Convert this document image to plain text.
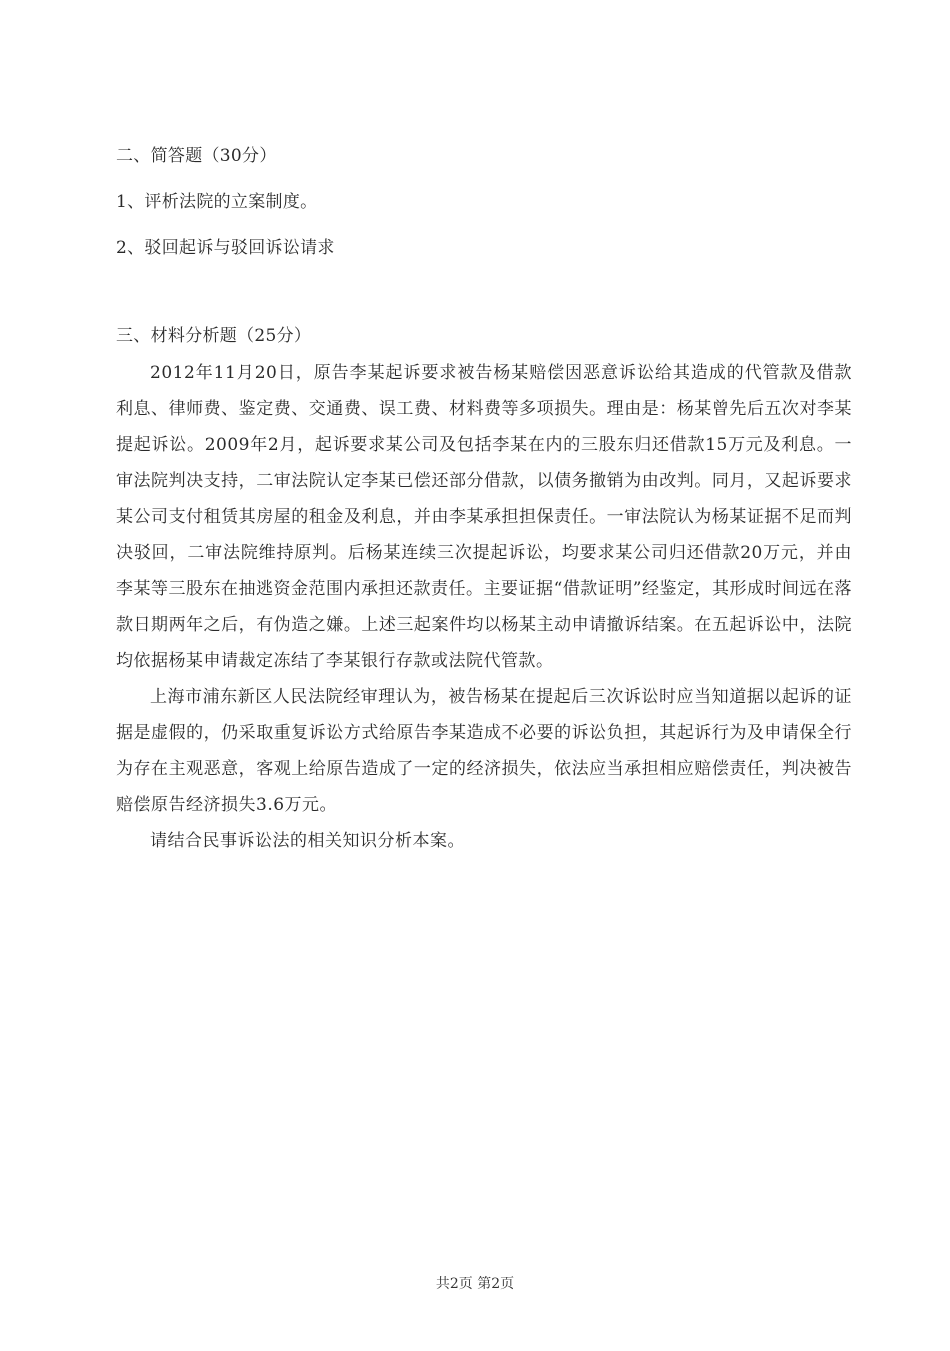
二、简答题（30分）
1、评析法院的立案制度。
2、驳回起诉与驳回诉讼请求
三、材料分析题（25分）

2012年11月20日，原告李某起诉要求被告杨某赔偿因恶意诉讼给其造成的代管款及借款利息、律师费、鉴定费、交通费、误工费、材料费等多项损失。理由是：杨某曾先后五次对李某提起诉讼。2009年2月，起诉要求某公司及包括李某在内的三股东归还借款15万元及利息。一审法院判决支持，二审法院认定李某已偿还部分借款，以债务撤销为由改判。同月，又起诉要求某公司支付租赁其房屋的租金及利息，并由李某承担担保责任。一审法院认为杨某证据不足而判决驳回，二审法院维持原判。后杨某连续三次提起诉讼，均要求某公司归还借款20万元，并由李某等三股东在抽逃资金范围内承担还款责任。主要证据“借款证明”经鉴定，其形成时间远在落款日期两年之后，有伪造之嫌。上述三起案件均以杨某主动申请撤诉结案。在五起诉讼中，法院均依据杨某申请裁定冻结了李某银行存款或法院代管款。

上海市浦东新区人民法院经审理认为，被告杨某在提起后三次诉讼时应当知道据以起诉的证据是虚假的，仍采取重复诉讼方式给原告李某造成不必要的诉讼负担，其起诉行为及申请保全行为存在主观恶意，客观上给原告造成了一定的经济损失，依法应当承担相应赔偿责任，判决被告赔偿原告经济损失3.6万元。

请结合民事诉讼法的相关知识分析本案。

共2页 第2页
